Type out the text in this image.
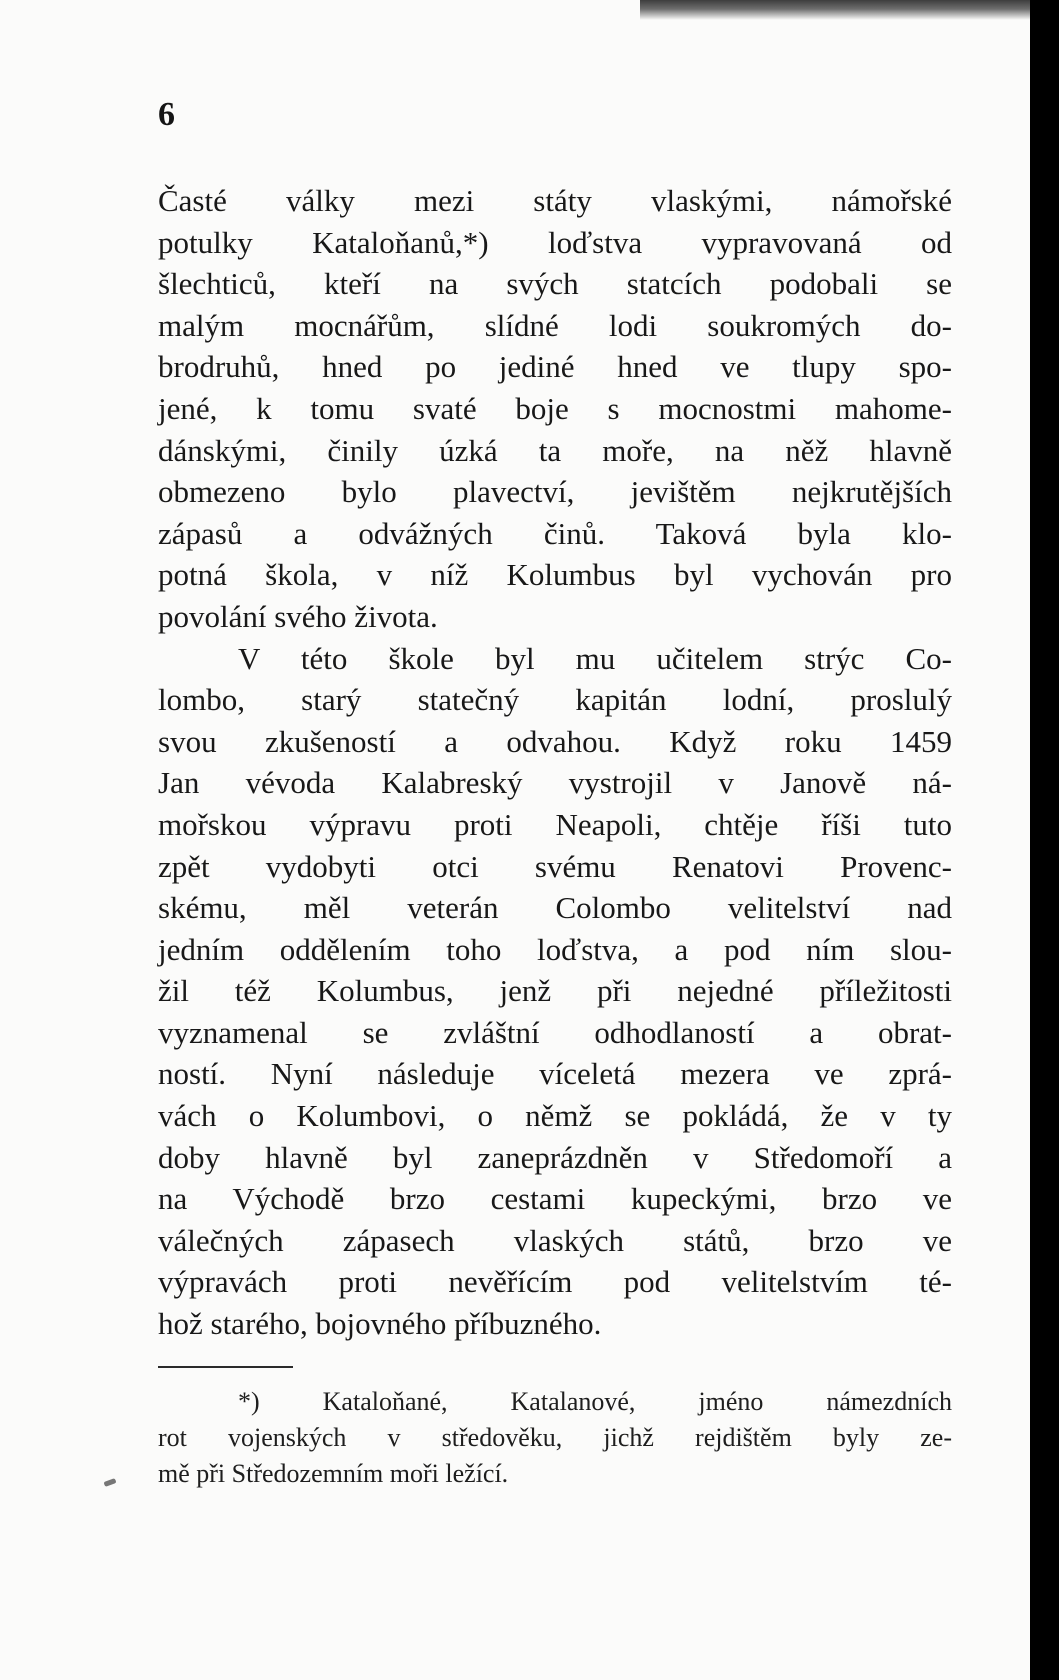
6
Časté války mezi státy vlaskými, námořské
potulky Kataloňanů,*) loďstva vypravovaná od
šlechticů, kteří na svých statcích podobali se
malým mocnářům, slídné lodi soukromých do-
brodruhů, hned po jediné hned ve tlupy spo-
jené, k tomu svaté boje s mocnostmi mahome-
dánskými, činily úzká ta moře, na něž hlavně
obmezeno bylo plavectví, jevištěm nejkrutějších
zápasů a odvážných činů. Taková byla klo-
potná škola, v níž Kolumbus byl vychován pro
povolání svého života.
V této škole byl mu učitelem strýc Co-
lombo, starý statečný kapitán lodní, proslulý
svou zkušeností a odvahou. Když roku 1459
Jan vévoda Kalabreský vystrojil v Janově ná-
mořskou výpravu proti Neapoli, chtěje říši tuto
zpět vydobyti otci svému Renatovi Provenc-
skému, měl veterán Colombo velitelství nad
jedním oddělením toho loďstva, a pod ním slou-
žil též Kolumbus, jenž při nejedné příležitosti
vyznamenal se zvláštní odhodlaností a obrat-
ností. Nyní následuje víceletá mezera ve zprá-
vách o Kolumbovi, o němž se pokládá, že v ty
doby hlavně byl zaneprázdněn v Středomoří a
na Východě brzo cestami kupeckými, brzo ve
válečných zápasech vlaských států, brzo ve
výpravách proti nevěřícím pod velitelstvím té-
hož starého, bojovného příbuzného.
*) Kataloňané, Katalanové, jméno námezdních
rot vojenských v středověku, jichž rejdištěm byly ze-
mě při Středozemním moři ležící.
